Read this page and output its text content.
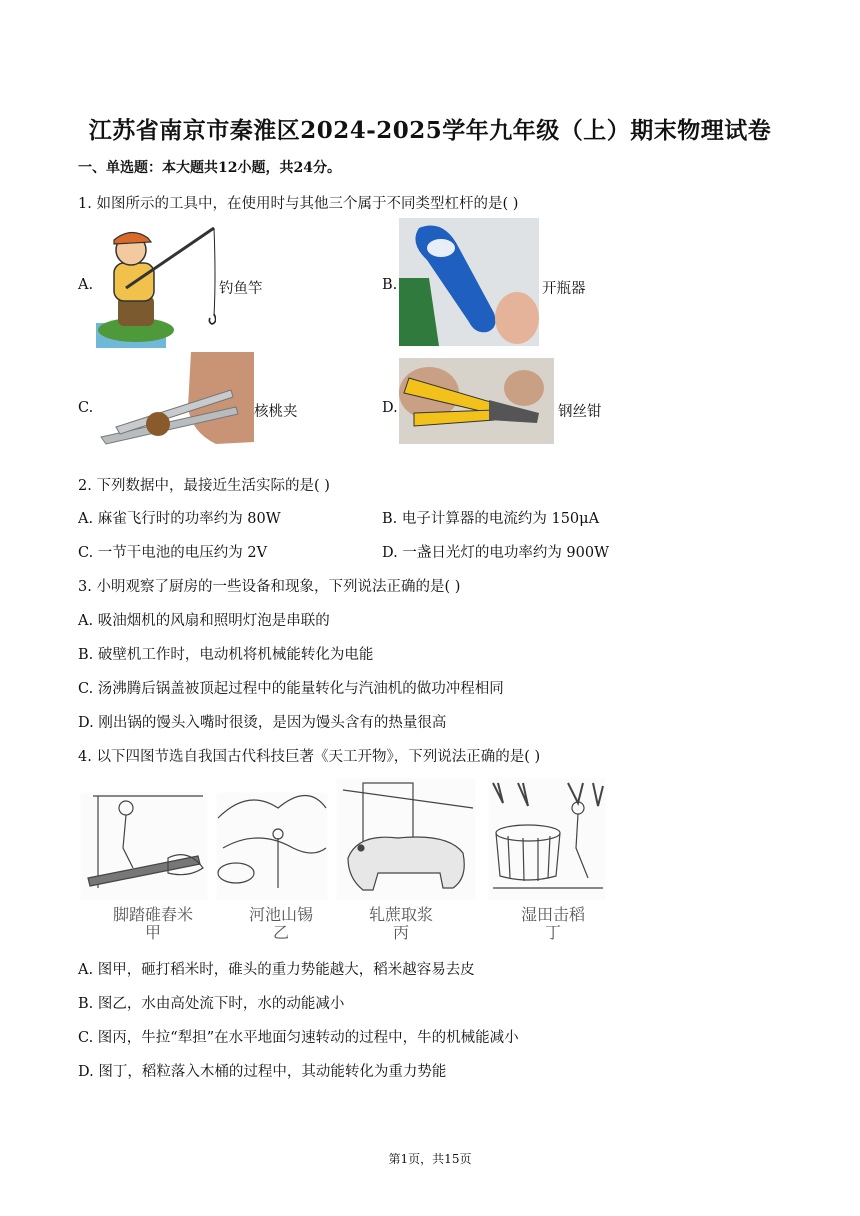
江苏省南京市秦淮区2024-2025学年九年级（上）期末物理试卷
一、单选题：本大题共12小题，共24分。
1. 如图所示的工具中，在使用时与其他三个属于不同类型杠杆的是( )
A.	钓鱼竿	B.	开瓶器
C.	核桃夹	D.	钢丝钳
2. 下列数据中，最接近生活实际的是( )
A. 麻雀飞行时的功率约为 80W	B. 电子计算器的电流约为 150μA
C. 一节干电池的电压约为 2V	D. 一盏日光灯的电功率约为 900W
3. 小明观察了厨房的一些设备和现象，下列说法正确的是( )
A. 吸油烟机的风扇和照明灯泡是串联的
B. 破壁机工作时，电动机将机械能转化为电能
C. 汤沸腾后锅盖被顶起过程中的能量转化与汽油机的做功冲程相同
D. 刚出锅的馒头入嘴时很烫，是因为馒头含有的热量很高
4. 以下四图节选自我国古代科技巨著《天工开物》，下列说法正确的是( )
脚踏碓舂米
甲
河池山锡
乙
轧蔗取浆
丙
湿田击稻
丁
A. 图甲，砸打稻米时，碓头的重力势能越大，稻米越容易去皮
B. 图乙，水由高处流下时，水的动能减小
C. 图丙，牛拉“犁担”在水平地面匀速转动的过程中，牛的机械能减小
D. 图丁，稻粒落入木桶的过程中，其动能转化为重力势能
第1页，共15页
